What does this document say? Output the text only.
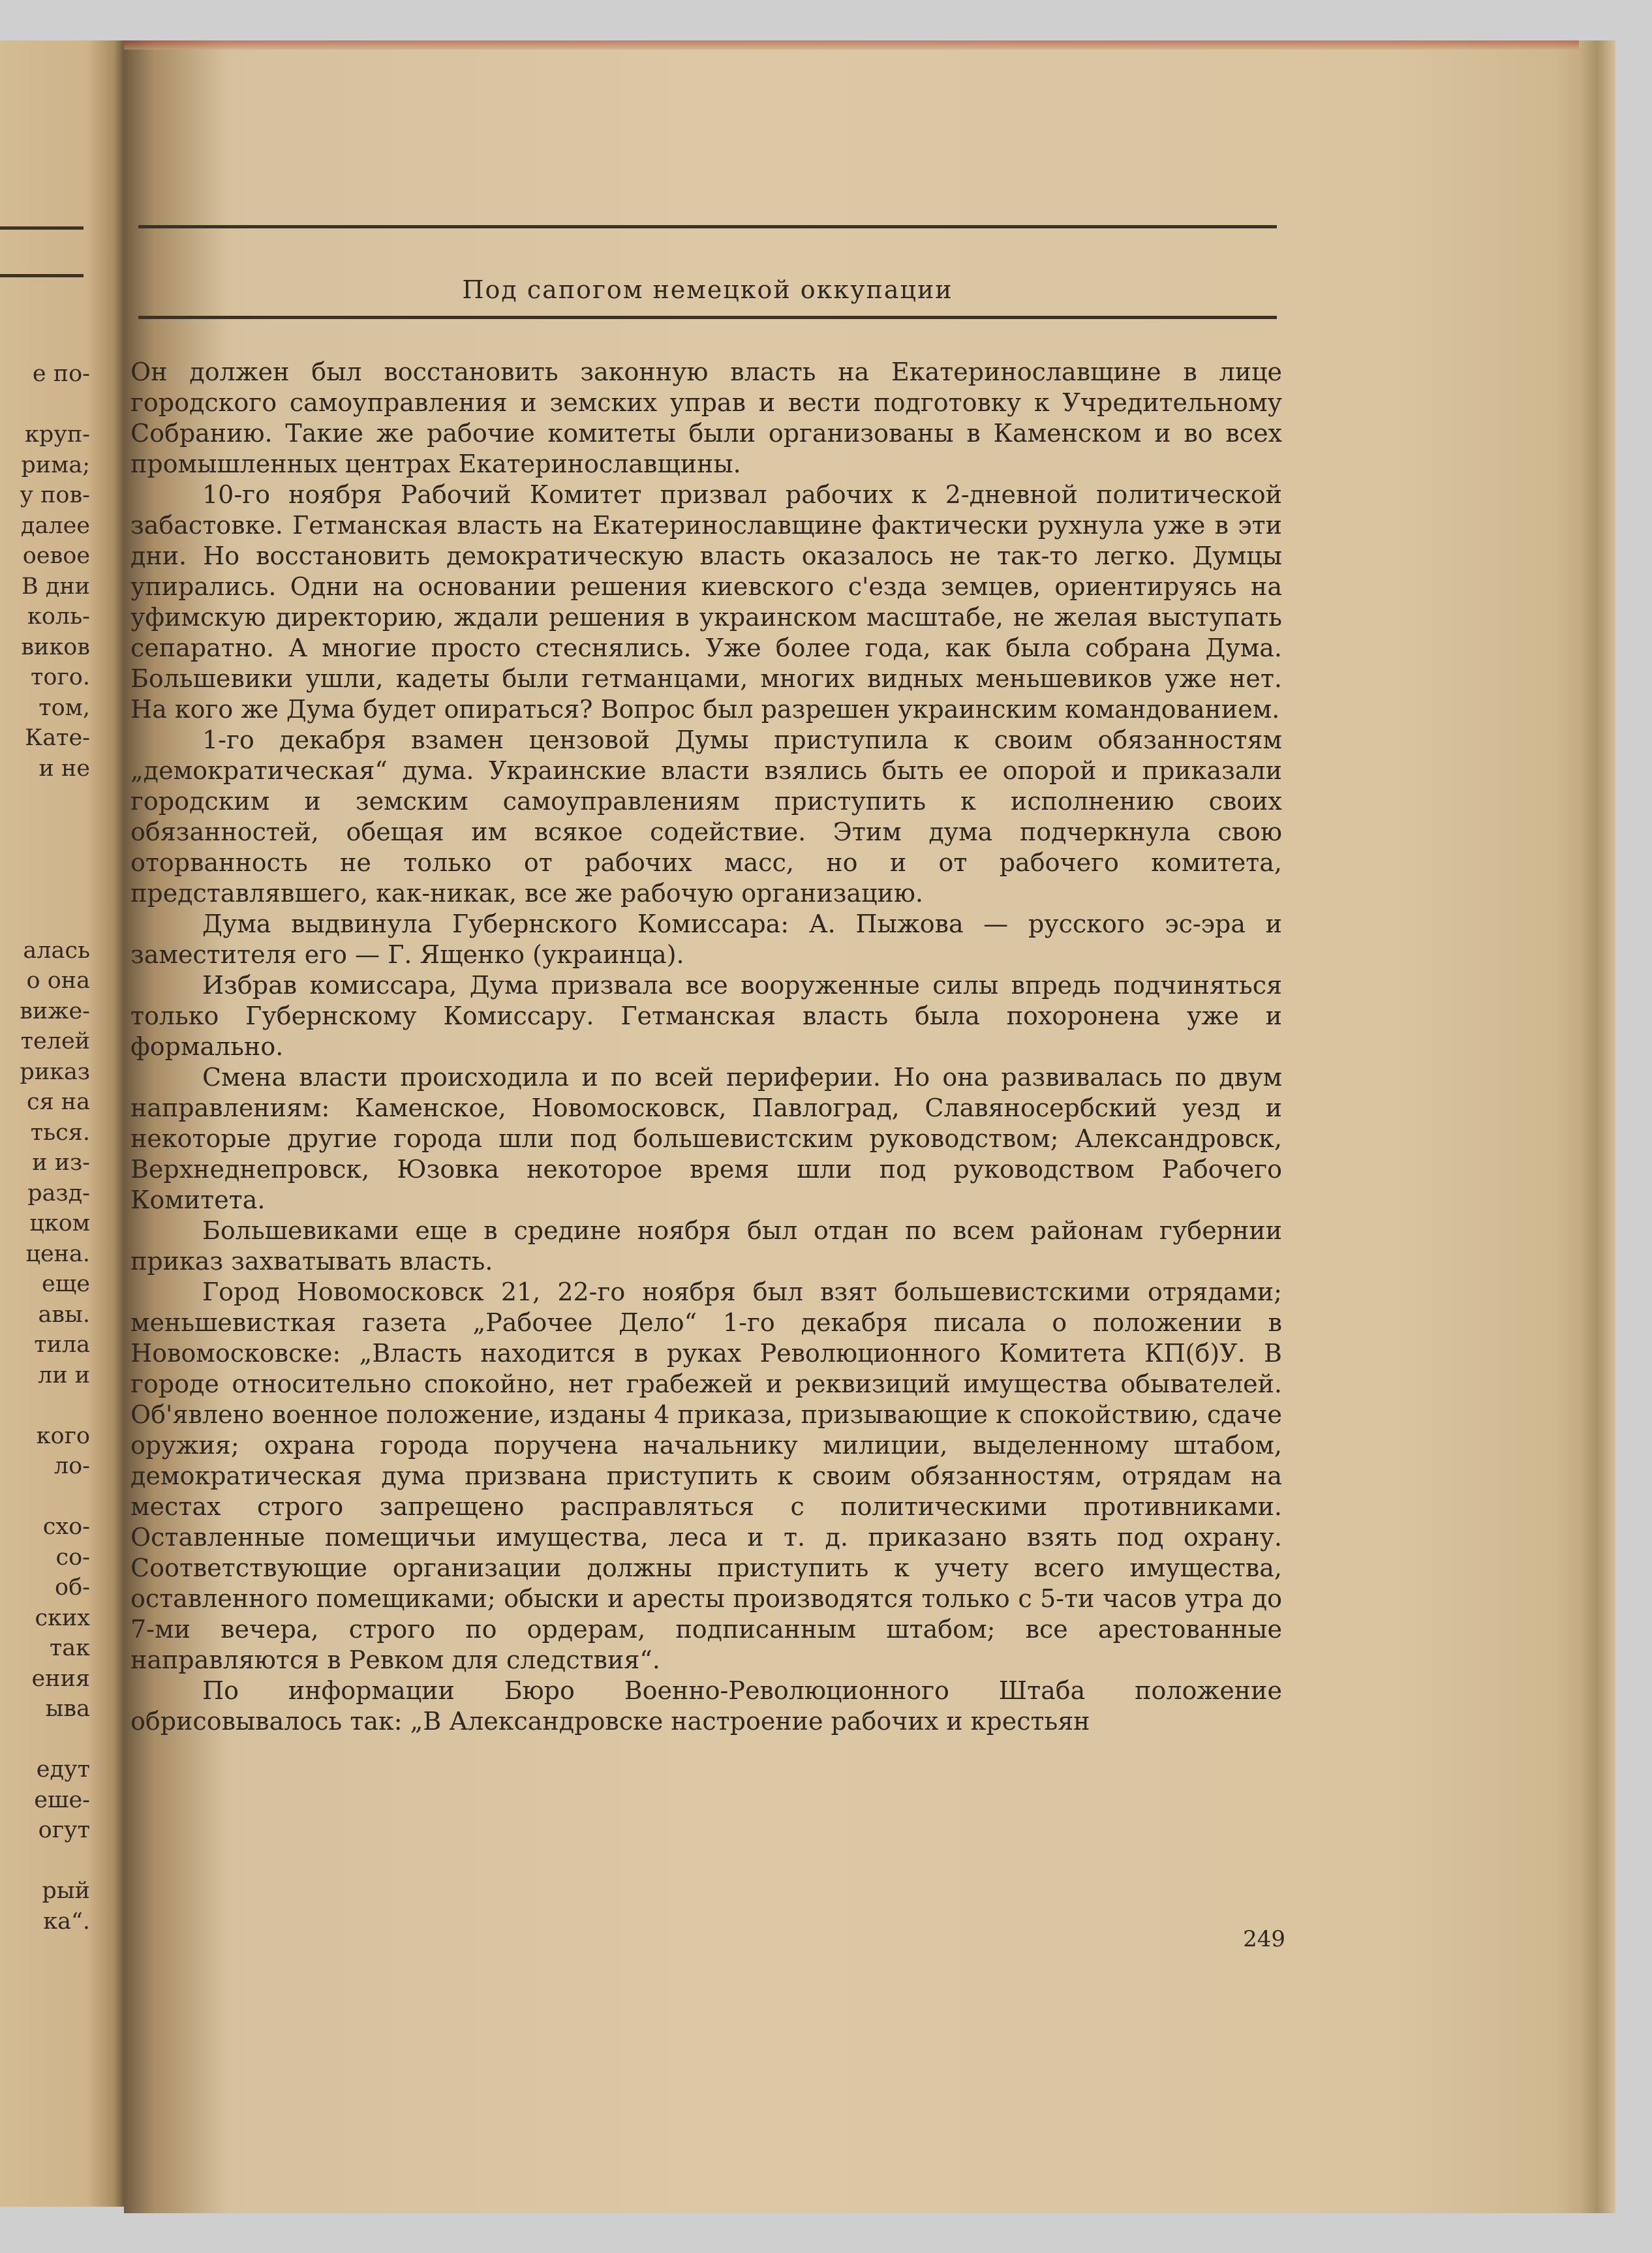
е по-
круп-
рима;
у пов-
далее
оевое
В дни
коль-
виков
того.
том,
Кате-
и не
алась
о она
виже-
телей
риказ
ся на
ться.
и из-
разд-
цком
цена.
еще
авы.
тила
ли и
кого
ло-
схо-
со-
об-
ских
так
ения
ыва
едут
еше-
огут
рый
ка“.
Под сапогом немецкой оккупации

Он должен был восстановить законную власть на Екатеринославщине в лице городского самоуправления и земских управ и вести подготовку к Учредительному Собранию. Такие же рабочие комитеты были организованы в Каменском и во всех промышленных центрах Екатеринославщины.

10-го ноября Рабочий Комитет призвал рабочих к 2-дневной политической забастовке. Гетманская власть на Екатеринославщине фактически рухнула уже в эти дни. Но восстановить демократическую власть оказалось не так-то легко. Думцы упирались. Одни на основании решения киевского с'езда земцев, ориентируясь на уфимскую директорию, ждали решения в украинском масштабе, не желая выступать сепаратно. А многие просто стеснялись. Уже более года, как была собрана Дума. Большевики ушли, кадеты были гетманцами, многих видных меньшевиков уже нет. На кого же Дума будет опираться? Вопрос был разрешен украинским командованием.

1-го декабря взамен цензовой Думы приступила к своим обязанностям „демократическая“ дума. Украинские власти взялись быть ее опорой и приказали городским и земским самоуправлениям приступить к исполнению своих обязанностей, обещая им всякое содействие. Этим дума подчеркнула свою оторванность не только от рабочих масс, но и от рабочего комитета, представлявшего, как-никак, все же рабочую организацию.

Дума выдвинула Губернского Комиссара: А. Пыжова — русского эс-эра и заместителя его — Г. Ященко (украинца).

Избрав комиссара, Дума призвала все вооруженные силы впредь подчиняться только Губернскому Комиссару. Гетманская власть была похоронена уже и формально.

Смена власти происходила и по всей периферии. Но она развивалась по двум направлениям: Каменское, Новомосковск, Павлоград, Славяносербский уезд и некоторые другие города шли под большевистским руководством; Александровск, Верхнеднепровск, Юзовка некоторое время шли под руководством Рабочего Комитета.

Большевиками еще в средине ноября был отдан по всем районам губернии приказ захватывать власть.

Город Новомосковск 21, 22-го ноября был взят большевистскими отрядами; меньшевисткая газета „Рабочее Дело“ 1-го декабря писала о положении в Новомосковске: „Власть находится в руках Революционного Комитета КП(б)У. В городе относительно спокойно, нет грабежей и реквизиций имущества обывателей. Об'явлено военное положение, изданы 4 приказа, призывающие к спокойствию, сдаче оружия; охрана города поручена начальнику милиции, выделенному штабом, демократическая дума призвана приступить к своим обязанностям, отрядам на местах строго запрещено расправляться с политическими противниками. Оставленные помещичьи имущества, леса и т. д. приказано взять под охрану. Соответствующие организации должны приступить к учету всего имущества, оставленного помещиками; обыски и аресты производятся только с 5-ти часов утра до 7-ми вечера, строго по ордерам, подписанным штабом; все арестованные направляются в Ревком для следствия“.

По информации Бюро Военно-Революционного Штаба положение обрисовывалось так: „В Александровске настроение рабочих и крестьян

249
